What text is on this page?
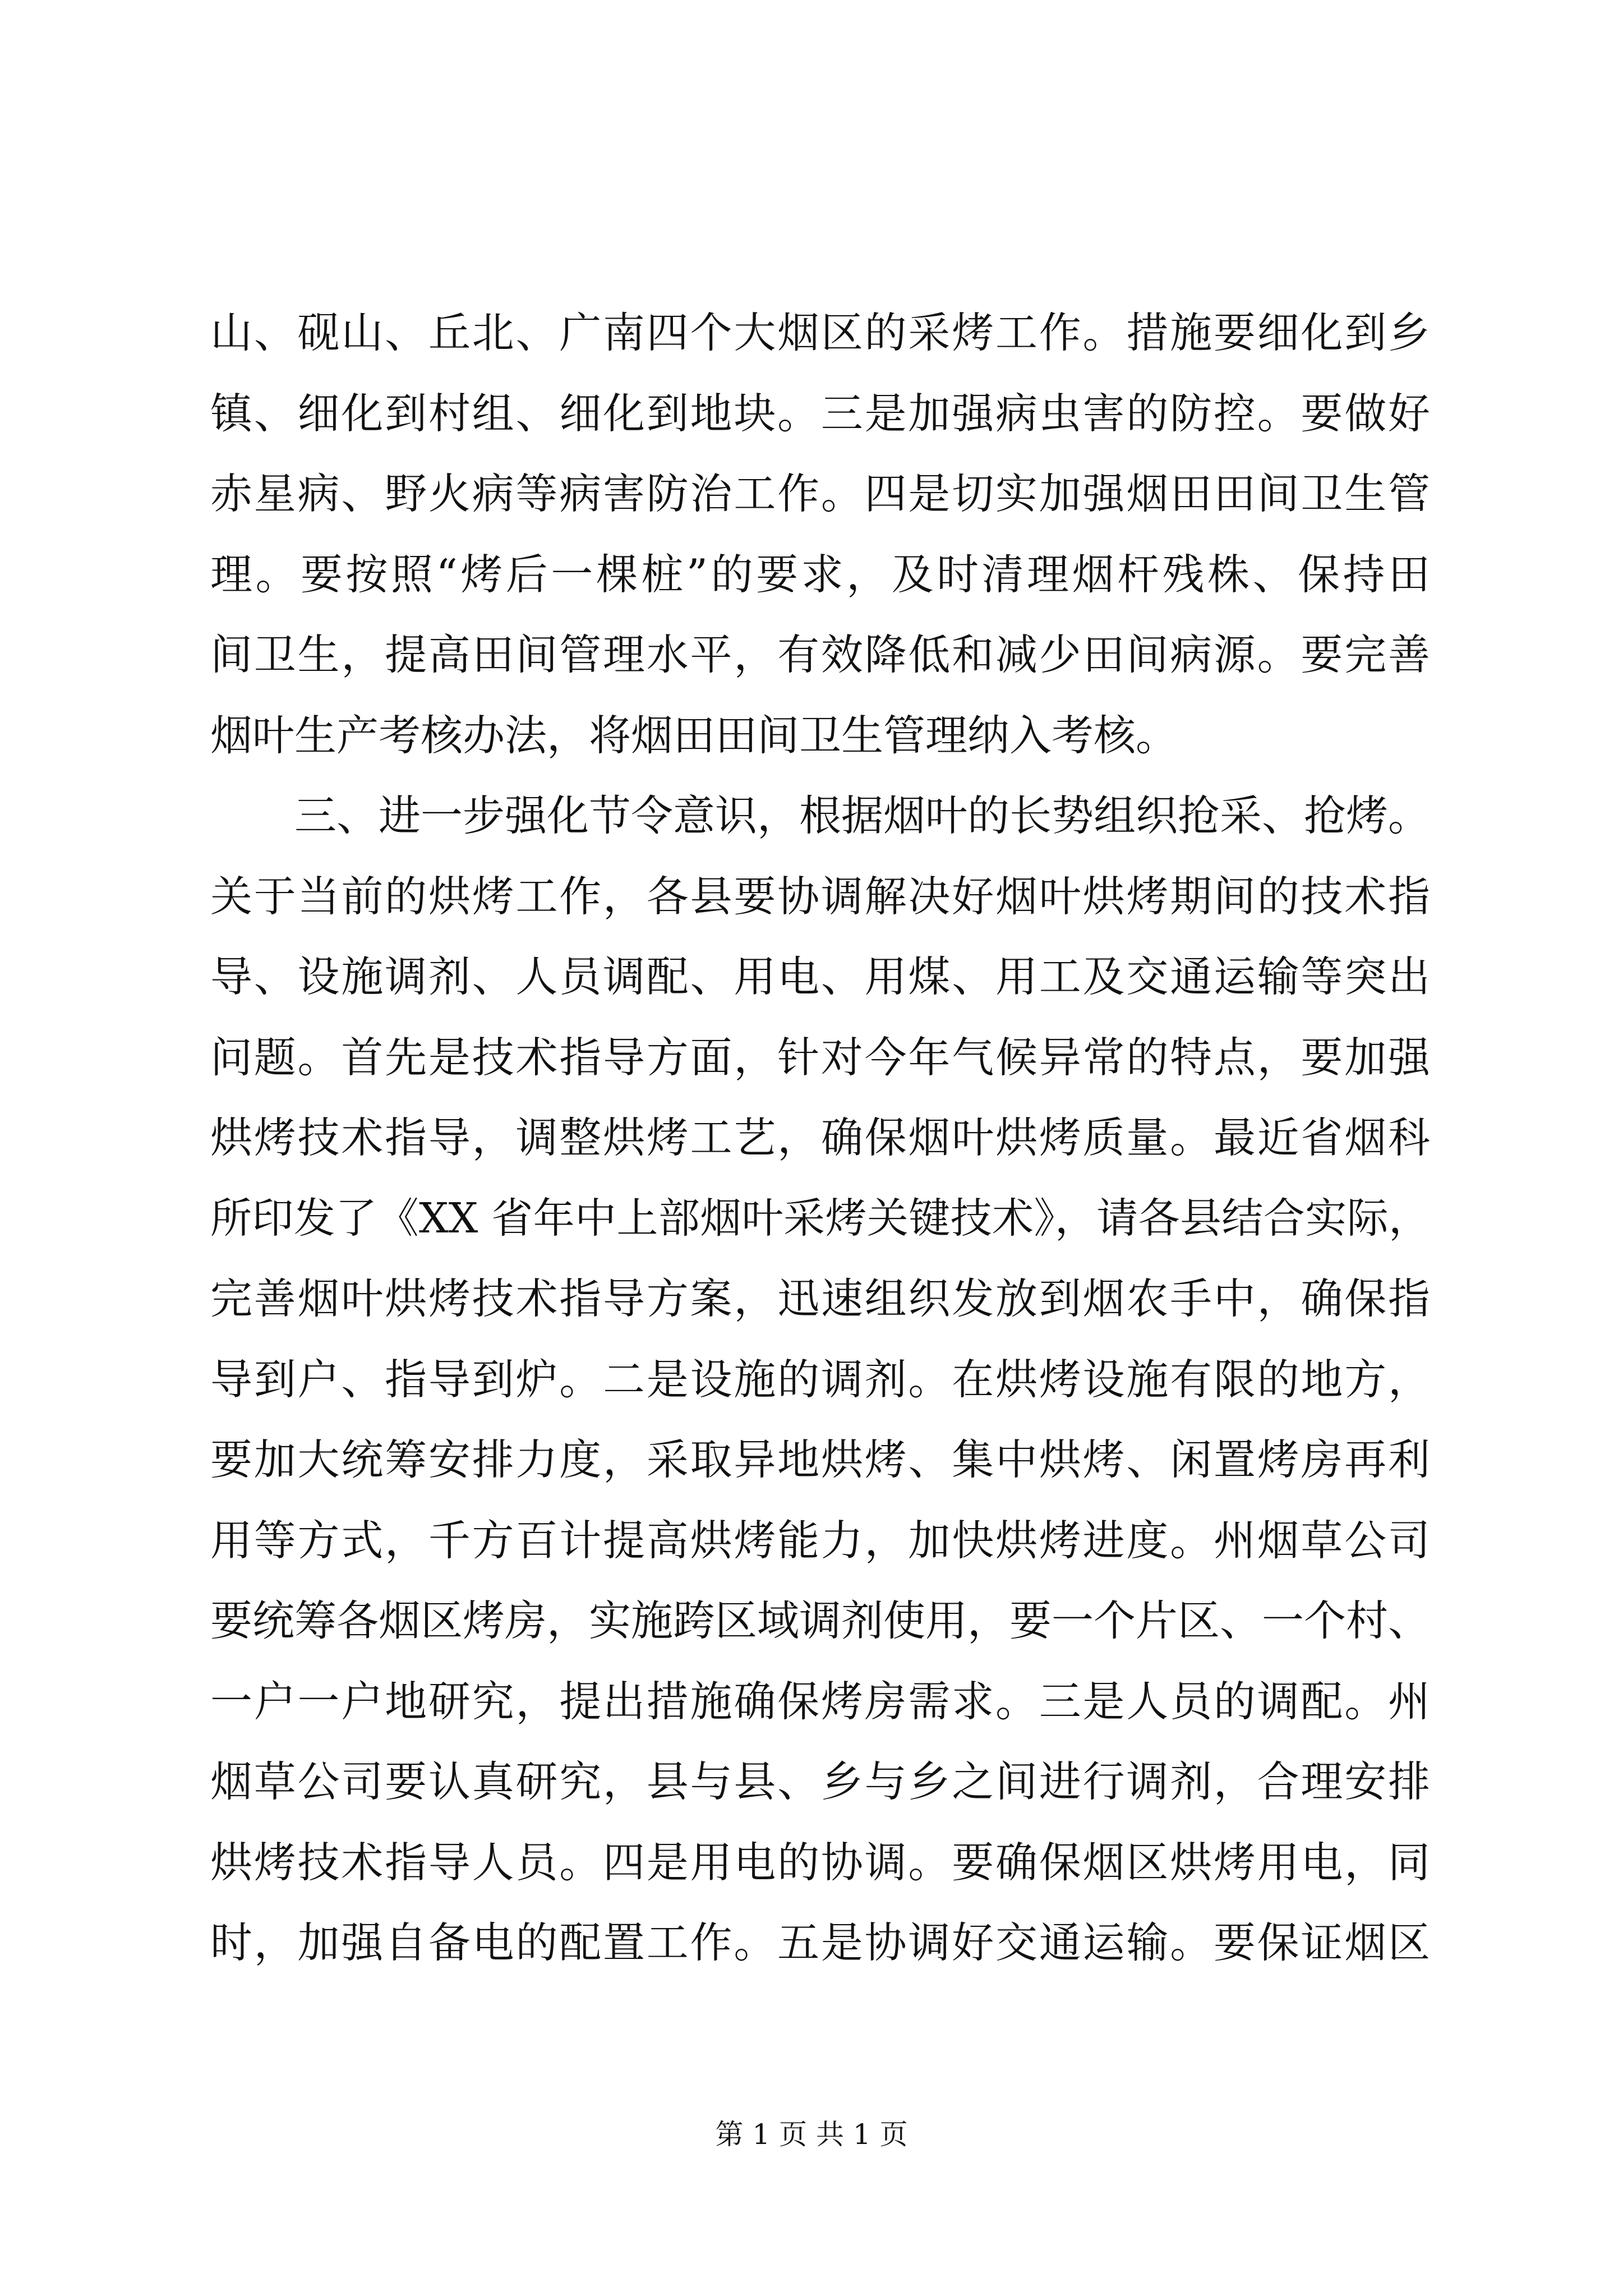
山、砚山、丘北、广南四个大烟区的采烤工作。措施要细化到乡
镇、细化到村组、细化到地块。三是加强病虫害的防控。要做好
赤星病、野火病等病害防治工作。四是切实加强烟田田间卫生管
理。要按照“烤后一棵桩”的要求，及时清理烟杆残株、保持田
间卫生，提高田间管理水平，有效降低和减少田间病源。要完善
烟叶生产考核办法，将烟田田间卫生管理纳入考核。
三、进一步强化节令意识，根据烟叶的长势组织抢采、抢烤。
关于当前的烘烤工作，各县要协调解决好烟叶烘烤期间的技术指
导、设施调剂、人员调配、用电、用煤、用工及交通运输等突出
问题。首先是技术指导方面，针对今年气候异常的特点，要加强
烘烤技术指导，调整烘烤工艺，确保烟叶烘烤质量。最近省烟科
所印发了《XX 省年中上部烟叶采烤关键技术》，请各县结合实际，
完善烟叶烘烤技术指导方案，迅速组织发放到烟农手中，确保指
导到户、指导到炉。二是设施的调剂。在烘烤设施有限的地方，
要加大统筹安排力度，采取异地烘烤、集中烘烤、闲置烤房再利
用等方式，千方百计提高烘烤能力，加快烘烤进度。州烟草公司
要统筹各烟区烤房，实施跨区域调剂使用，要一个片区、一个村、
一户一户地研究，提出措施确保烤房需求。三是人员的调配。州
烟草公司要认真研究，县与县、乡与乡之间进行调剂，合理安排
烘烤技术指导人员。四是用电的协调。要确保烟区烘烤用电，同
时，加强自备电的配置工作。五是协调好交通运输。要保证烟区
第 1 页 共 1 页
